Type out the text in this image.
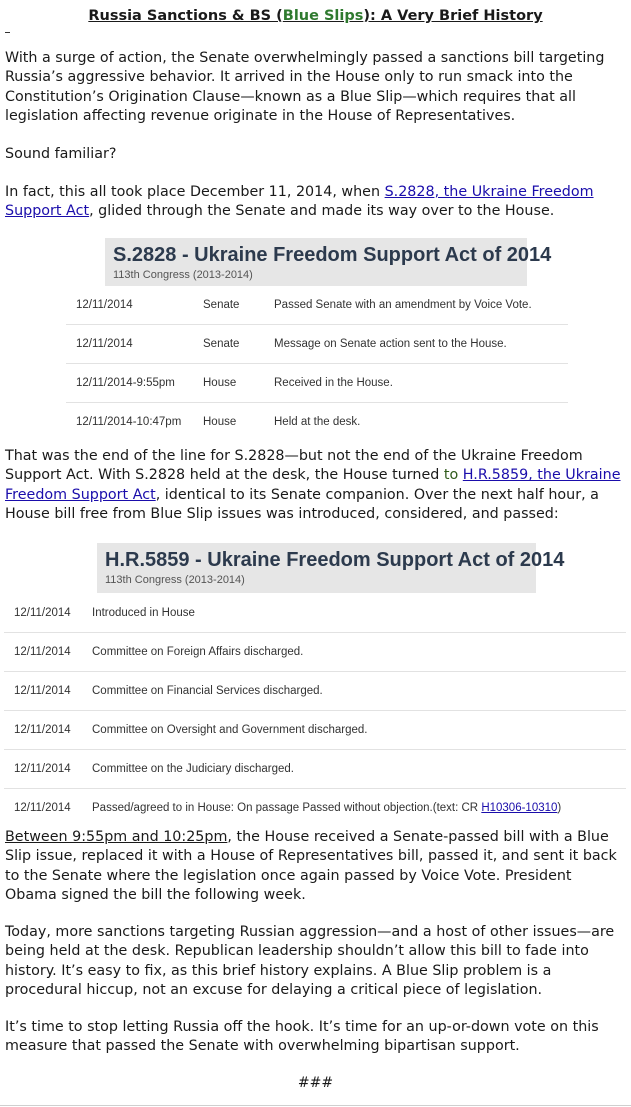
Russia Sanctions & BS (Blue Slips): A Very Brief History
With a surge of action, the Senate overwhelmingly passed a sanctions bill targeting Russia’s aggressive behavior. It arrived in the House only to run smack into the Constitution’s Origination Clause—known as a Blue Slip—which requires that all legislation affecting revenue originate in the House of Representatives.
Sound familiar?
In fact, this all took place December 11, 2014, when S.2828, the Ukraine Freedom Support Act, glided through the Senate and made its way over to the House.
S.2828 - Ukraine Freedom Support Act of 2014
113th Congress (2013-2014)
12/11/2014	Senate	Passed Senate with an amendment by Voice Vote.
12/11/2014	Senate	Message on Senate action sent to the House.
12/11/2014-9:55pm	House	Received in the House.
12/11/2014-10:47pm	House	Held at the desk.
That was the end of the line for S.2828—but not the end of the Ukraine Freedom Support Act. With S.2828 held at the desk, the House turned to H.R.5859, the Ukraine Freedom Support Act, identical to its Senate companion. Over the next half hour, a House bill free from Blue Slip issues was introduced, considered, and passed:
H.R.5859 - Ukraine Freedom Support Act of 2014
113th Congress (2013-2014)
12/11/2014	Introduced in House
12/11/2014	Committee on Foreign Affairs discharged.
12/11/2014	Committee on Financial Services discharged.
12/11/2014	Committee on Oversight and Government discharged.
12/11/2014	Committee on the Judiciary discharged.
12/11/2014	Passed/agreed to in House: On passage Passed without objection.(text: CR H10306-10310)
Between 9:55pm and 10:25pm, the House received a Senate-passed bill with a Blue Slip issue, replaced it with a House of Representatives bill, passed it, and sent it back to the Senate where the legislation once again passed by Voice Vote. President Obama signed the bill the following week.
Today, more sanctions targeting Russian aggression—and a host of other issues—are being held at the desk. Republican leadership shouldn’t allow this bill to fade into history. It’s easy to fix, as this brief history explains. A Blue Slip problem is a procedural hiccup, not an excuse for delaying a critical piece of legislation.
It’s time to stop letting Russia off the hook. It’s time for an up-or-down vote on this measure that passed the Senate with overwhelming bipartisan support.
###
